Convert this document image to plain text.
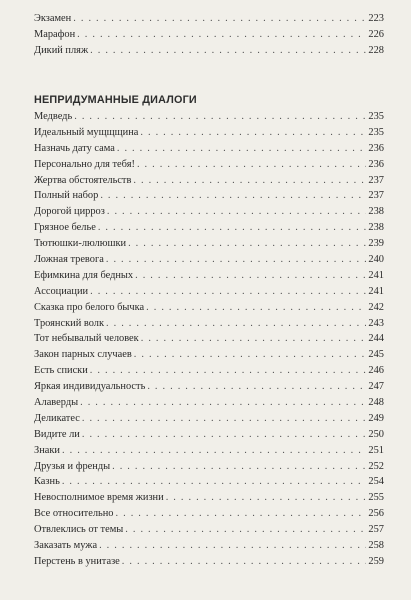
Экзамен . . .	223
Марафон . . .	226
Дикий пляж . . .	228
НЕПРИДУМАННЫЕ ДИАЛОГИ
Медведь . . .	235
Идеальный мущщщина . . .	235
Назначь дату сама . . .	236
Персонально для тебя! . . .	236
Жертва обстоятельств . . .	237
Полный набор . . .	237
Дорогой цирроз . . .	238
Грязное белье . . .	238
Тютюшки-люлюшки . . .	239
Ложная тревога . . .	240
Ефимкина для бедных . . .	241
Ассоциации . . .	241
Сказка про белого бычка . . .	242
Троянский волк . . .	243
Тот небывалый человек . . .	244
Закон парных случаев . . .	245
Есть списки . . .	246
Яркая индивидуальность . . .	247
Алаверды . . .	248
Деликатес . . .	249
Видите ли . . .	250
Знаки . . .	251
Друзья и френды . . .	252
Казнь . . .	254
Невосполнимое время жизни . . .	255
Все относительно . . .	256
Отвлеклись от темы . . .	257
Заказать мужа . . .	258
Перстень в унитазе . . .	259
